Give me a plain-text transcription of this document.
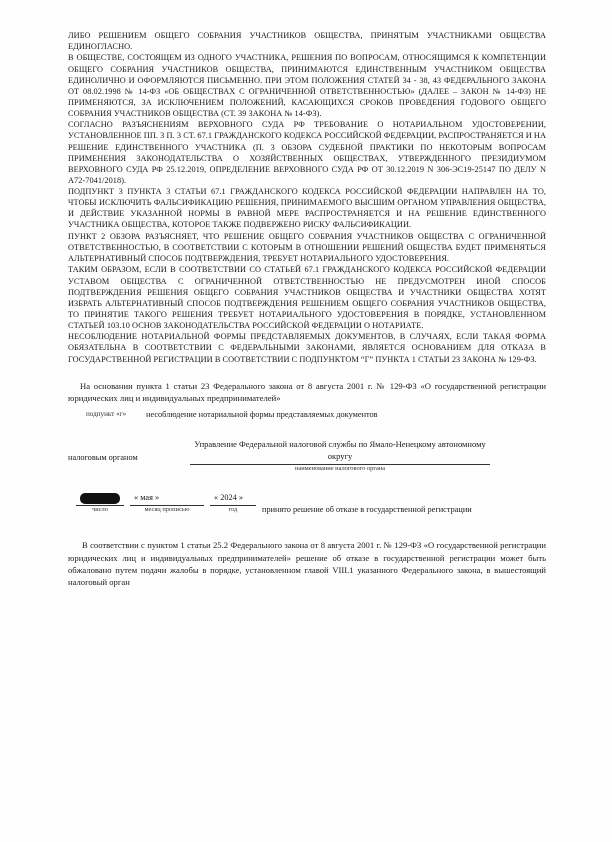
ЛИБО РЕШЕНИЕМ ОБЩЕГО СОБРАНИЯ УЧАСТНИКОВ ОБЩЕСТВА, ПРИНЯТЫМ УЧАСТНИКАМИ ОБЩЕСТВА ЕДИНОГЛАСНО.
В ОБЩЕСТВЕ, СОСТОЯЩЕМ ИЗ ОДНОГО УЧАСТНИКА, РЕШЕНИЯ ПО ВОПРОСАМ, ОТНОСЯЩИМСЯ К КОМПЕТЕНЦИИ ОБЩЕГО СОБРАНИЯ УЧАСТНИКОВ ОБЩЕСТВА, ПРИНИМАЮТСЯ ЕДИНСТВЕННЫМ УЧАСТНИКОМ ОБЩЕСТВА ЕДИНОЛИЧНО И ОФОРМЛЯЮТСЯ ПИСЬМЕННО. ПРИ ЭТОМ ПОЛОЖЕНИЯ СТАТЕЙ 34 - 38, 43 ФЕДЕРАЛЬНОГО ЗАКОНА ОТ 08.02.1998 № 14-ФЗ «ОБ ОБЩЕСТВАХ С ОГРАНИЧЕННОЙ ОТВЕТСТВЕННОСТЬЮ» (ДАЛЕЕ – ЗАКОН № 14-ФЗ) НЕ ПРИМЕНЯЮТСЯ, ЗА ИСКЛЮЧЕНИЕМ ПОЛОЖЕНИЙ, КАСАЮЩИХСЯ СРОКОВ ПРОВЕДЕНИЯ ГОДОВОГО ОБЩЕГО СОБРАНИЯ УЧАСТНИКОВ ОБЩЕСТВА (СТ. 39 ЗАКОНА № 14-ФЗ).
СОГЛАСНО РАЗЪЯСНЕНИЯМ ВЕРХОВНОГО СУДА РФ ТРЕБОВАНИЕ О НОТАРИАЛЬНОМ УДОСТОВЕРЕНИИ, УСТАНОВЛЕННОЕ ПП. 3 П. 3 СТ. 67.1 ГРАЖДАНСКОГО КОДЕКСА РОССИЙСКОЙ ФЕДЕРАЦИИ, РАСПРОСТРАНЯЕТСЯ И НА РЕШЕНИЕ ЕДИНСТВЕННОГО УЧАСТНИКА (П. 3 ОБЗОРА СУДЕБНОЙ ПРАКТИКИ ПО НЕКОТОРЫМ ВОПРОСАМ ПРИМЕНЕНИЯ ЗАКОНОДАТЕЛЬСТВА О ХОЗЯЙСТВЕННЫХ ОБЩЕСТВАХ, УТВЕРЖДЕННОГО ПРЕЗИДИУМОМ ВЕРХОВНОГО СУДА РФ 25.12.2019, ОПРЕДЕЛЕНИЕ ВЕРХОВНОГО СУДА РФ ОТ 30.12.2019 N 306-ЭС19-25147 ПО ДЕЛУ N А72-7041/2018).
ПОДПУНКТ 3 ПУНКТА 3 СТАТЬИ 67.1 ГРАЖДАНСКОГО КОДЕКСА РОССИЙСКОЙ ФЕДЕРАЦИИ НАПРАВЛЕН НА ТО, ЧТОБЫ ИСКЛЮЧИТЬ ФАЛЬСИФИКАЦИЮ РЕШЕНИЯ, ПРИНИМАЕМОГО ВЫСШИМ ОРГАНОМ УПРАВЛЕНИЯ ОБЩЕСТВА, И ДЕЙСТВИЕ УКАЗАННОЙ НОРМЫ В РАВНОЙ МЕРЕ РАСПРОСТРАНЯЕТСЯ И НА РЕШЕНИЕ ЕДИНСТВЕННОГО УЧАСТНИКА ОБЩЕСТВА, КОТОРОЕ ТАКЖЕ ПОДВЕРЖЕНО РИСКУ ФАЛЬСИФИКАЦИИ.
ПУНКТ 2 ОБЗОРА РАЗЪЯСНЯЕТ, ЧТО РЕШЕНИЕ ОБЩЕГО СОБРАНИЯ УЧАСТНИКОВ ОБЩЕСТВА С ОГРАНИЧЕННОЙ ОТВЕТСТВЕННОСТЬЮ, В СООТВЕТСТВИИ С КОТОРЫМ В ОТНОШЕНИИ РЕШЕНИЙ ОБЩЕСТВА БУДЕТ ПРИМЕНЯТЬСЯ АЛЬТЕРНАТИВНЫЙ СПОСОБ ПОДТВЕРЖДЕНИЯ, ТРЕБУЕТ НОТАРИАЛЬНОГО УДОСТОВЕРЕНИЯ.
ТАКИМ ОБРАЗОМ, ЕСЛИ В СООТВЕТСТВИИ СО СТАТЬЕЙ 67.1 ГРАЖДАНСКОГО КОДЕКСА РОССИЙСКОЙ ФЕДЕРАЦИИ УСТАВОМ ОБЩЕСТВА С ОГРАНИЧЕННОЙ ОТВЕТСТВЕННОСТЬЮ НЕ ПРЕДУСМОТРЕН ИНОЙ СПОСОБ ПОДТВЕРЖДЕНИЯ РЕШЕНИЯ ОБЩЕГО СОБРАНИЯ УЧАСТНИКОВ ОБЩЕСТВА И УЧАСТНИКИ ОБЩЕСТВА ХОТЯТ ИЗБРАТЬ АЛЬТЕРНАТИВНЫЙ СПОСОБ ПОДТВЕРЖДЕНИЯ РЕШЕНИЕМ ОБЩЕГО СОБРАНИЯ УЧАСТНИКОВ ОБЩЕСТВА, ТО ПРИНЯТИЕ ТАКОГО РЕШЕНИЯ ТРЕБУЕТ НОТАРИАЛЬНОГО УДОСТОВЕРЕНИЯ В ПОРЯДКЕ, УСТАНОВЛЕННОМ СТАТЬЕЙ 103.10 ОСНОВ ЗАКОНОДАТЕЛЬСТВА РОССИЙСКОЙ ФЕДЕРАЦИИ О НОТАРИАТЕ.
НЕСОБЛЮДЕНИЕ НОТАРИАЛЬНОЙ ФОРМЫ ПРЕДСТАВЛЯЕМЫХ ДОКУМЕНТОВ, В СЛУЧАЯХ, ЕСЛИ ТАКАЯ ФОРМА ОБЯЗАТЕЛЬНА В СООТВЕТСТВИИ С ФЕДЕРАЛЬНЫМИ ЗАКОНАМИ, ЯВЛЯЕТСЯ ОСНОВАНИЕМ ДЛЯ ОТКАЗА В ГОСУДАРСТВЕННОЙ РЕГИСТРАЦИИ В СООТВЕТСТВИИ С ПОДПУНКТОМ “Г” ПУНКТА 1 СТАТЬИ 23 ЗАКОНА № 129-ФЗ.
На основании пункта 1 статьи 23 Федерального закона от 8 августа 2001 г. № 129-ФЗ «О государственной регистрации юридических лиц и индивидуальных предпринимателей»
подпункт «г» несоблюдение нотариальной формы представляемых документов
налоговым органом
Управление Федеральной налоговой службы по Ямало-Ненецкому автономному округу
наименование налогового органа
число
« мая »
месяц прописью
« 2024 »
год	принято решение об отказе в государственной регистрации
В соответствии с пунктом 1 статьи 25.2 Федерального закона от 8 августа 2001 г. № 129-ФЗ «О государственной регистрации юридических лиц и индивидуальных предпринимателей» решение об отказе в государственной регистрации может быть обжаловано путем подачи жалобы в порядке, установленном главой VIII.1 указанного Федерального закона, в вышестоящий налоговый орган
